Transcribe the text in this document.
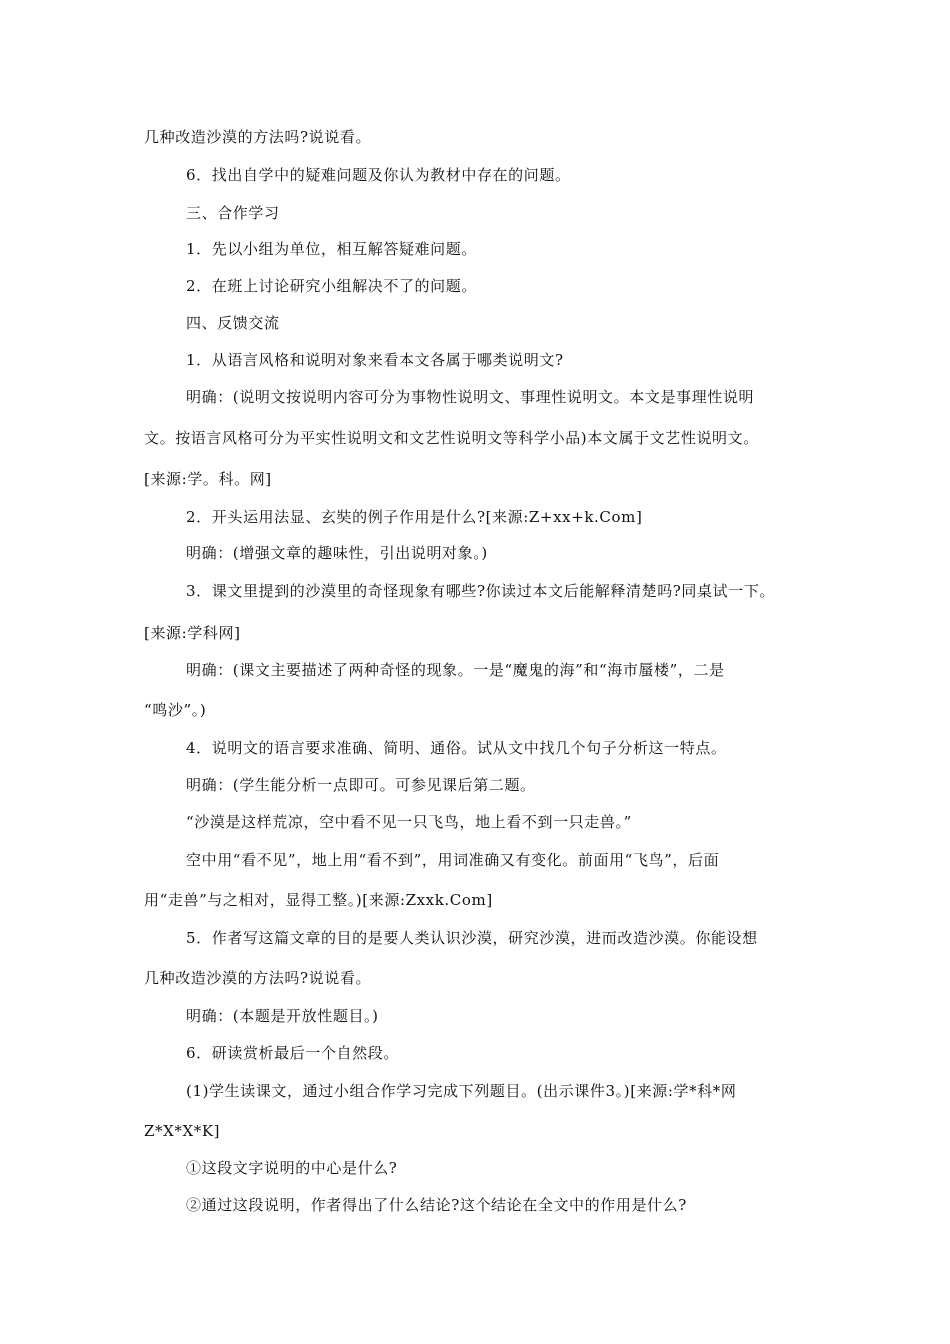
几种改造沙漠的方法吗?说说看。
6．找出自学中的疑难问题及你认为教材中存在的问题。
三、合作学习
1．先以小组为单位，相互解答疑难问题。
2．在班上讨论研究小组解决不了的问题。
四、反馈交流
1．从语言风格和说明对象来看本文各属于哪类说明文?
明确：(说明文按说明内容可分为事物性说明文、事理性说明文。本文是事理性说明
文。按语言风格可分为平实性说明文和文艺性说明文等科学小品)本文属于文艺性说明文。
[来源:学。科。网]
2．开头运用法显、玄奘的例子作用是什么?[来源:Z+xx+k.Com]
明确：(增强文章的趣味性，引出说明对象。)
3．课文里提到的沙漠里的奇怪现象有哪些?你读过本文后能解释清楚吗?同桌试一下。
[来源:学科网]
明确：(课文主要描述了两种奇怪的现象。一是“魔鬼的海”和“海市蜃楼”，二是
“鸣沙”。)
4．说明文的语言要求准确、简明、通俗。试从文中找几个句子分析这一特点。
明确：(学生能分析一点即可。可参见课后第二题。
“沙漠是这样荒凉，空中看不见一只飞鸟，地上看不到一只走兽。”
空中用“看不见”，地上用“看不到”，用词准确又有变化。前面用“飞鸟”，后面
用“走兽”与之相对，显得工整。)[来源:Zxxk.Com]
5．作者写这篇文章的目的是要人类认识沙漠，研究沙漠，进而改造沙漠。你能设想
几种改造沙漠的方法吗?说说看。
明确：(本题是开放性题目。)
6．研读赏析最后一个自然段。
(1)学生读课文，通过小组合作学习完成下列题目。(出示课件3。)[来源:学*科*网
Z*X*X*K]
①这段文字说明的中心是什么?
②通过这段说明，作者得出了什么结论?这个结论在全文中的作用是什么?
